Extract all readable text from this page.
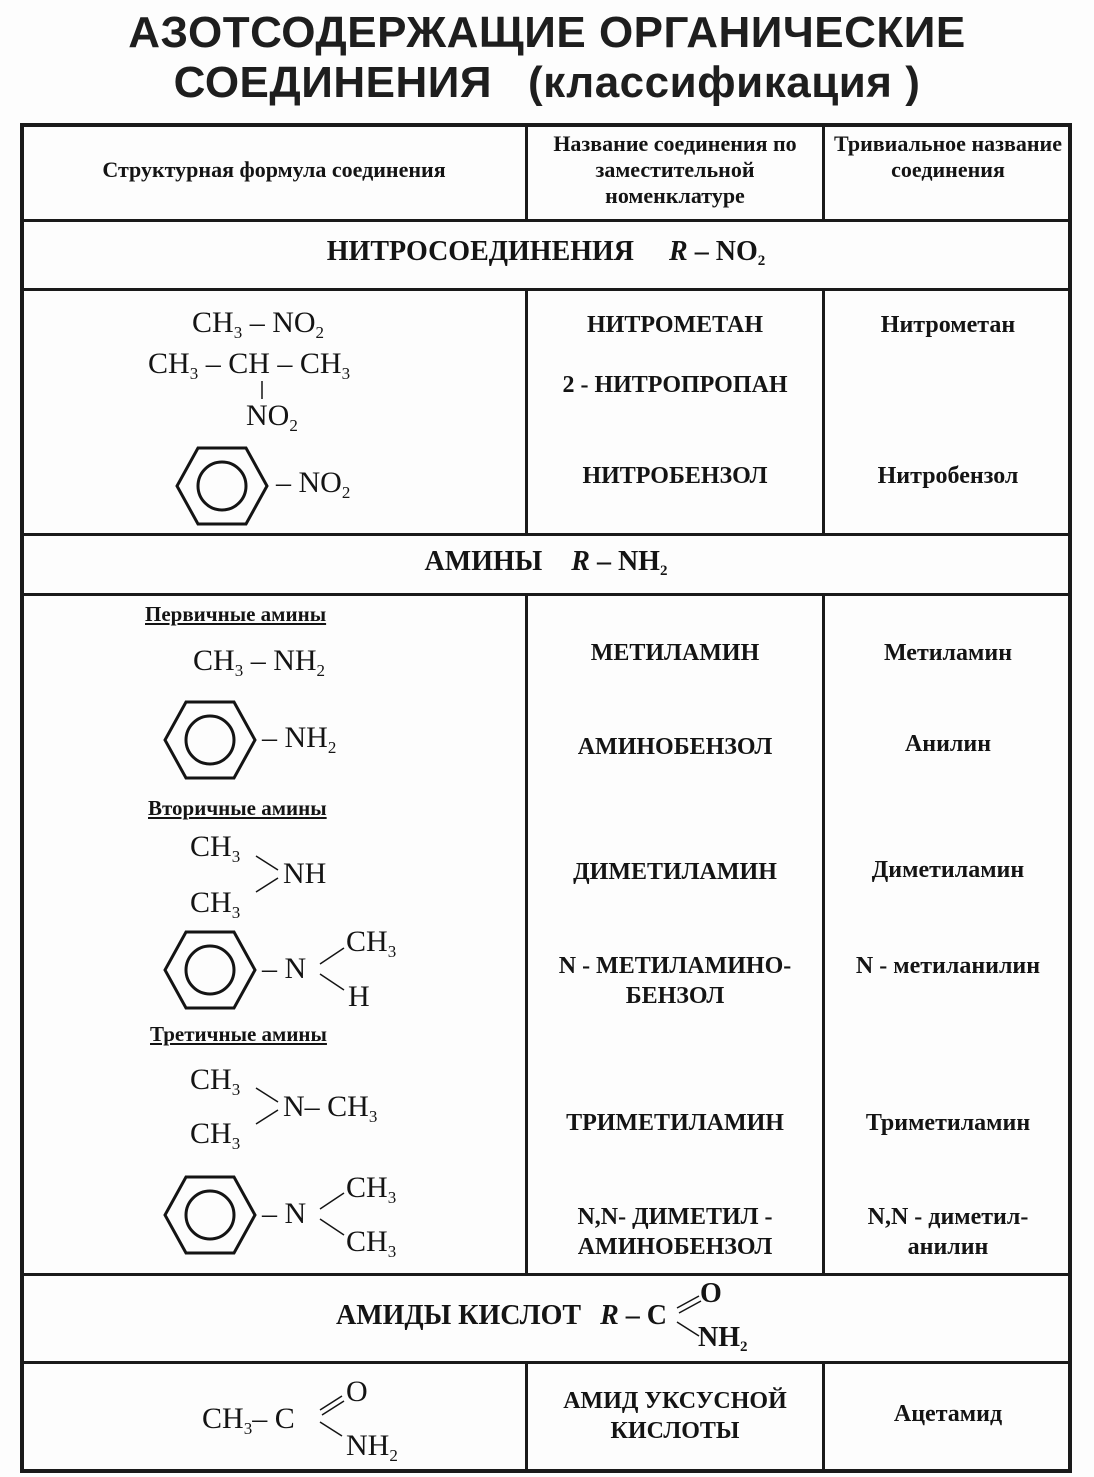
АЗОТСОДЕРЖАЩИЕ ОРГАНИЧЕСКИЕ
СОЕДИНЕНИЯ (классификация )
Структурная формула соединения
Название соединения по заместительной номенклатуре
Тривиальное название соединения
НИТРОСОЕДИНЕНИЯ R – $NO_2$
$CH_3 - NO_2$
$CH_3$ – CH – $CH_3$
$NO_2$
– $NO_2$
НИТРОМЕТАН
2 - НИТРОПРОПАН
НИТРОБЕНЗОЛ
Нитрометан
Нитробензол
АМИНЫ R – $NH_2$
Первичные амины
$CH_3 - NH_2$
– $NH_2$
Вторичные амины
$CH_3$
$CH_3$
NH
– N
$CH_3$
H
Третичные амины
$CH_3$
$CH_3$
N– $CH_3$
– N
$CH_3$
$CH_3$
МЕТИЛАМИН
АМИНОБЕНЗОЛ
ДИМЕТИЛАМИН
N - МЕТИЛАМИНО-
БЕНЗОЛ
ТРИМЕТИЛАМИН
N,N- ДИМЕТИЛ -
АМИНОБЕНЗОЛ
Метиламин
Анилин
Диметиламин
N - метиланилин
Триметиламин
N,N - диметил-
анилин
АМИДЫ КИСЛОТ R – C
O
$NH_2$
$CH_3-$ C
O
$NH_2$
АМИД УКСУСНОЙ
КИСЛОТЫ
Ацетамид
